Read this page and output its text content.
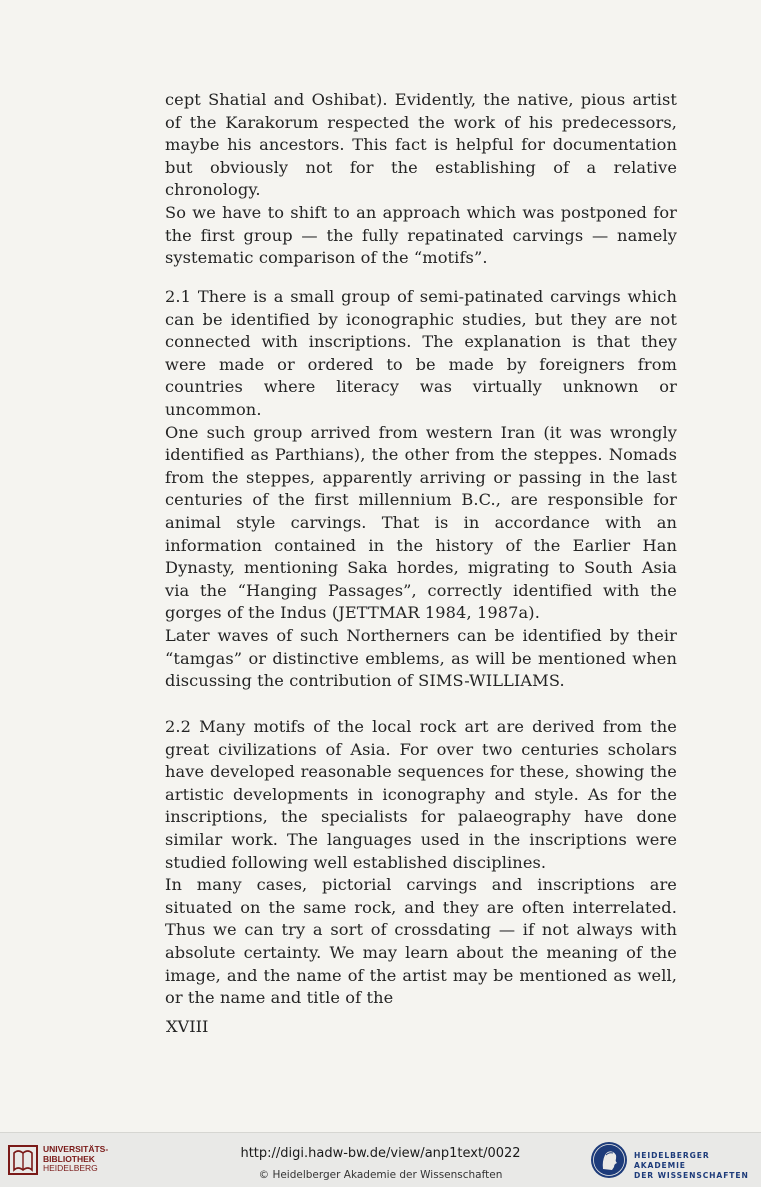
cept Shatial and Oshibat). Evidently, the native, pious artist of the Karakorum respected the work of his predecessors, maybe his ancestors. This fact is helpful for documentation but obviously not for the establishing of a relative chronology.

So we have to shift to an approach which was postponed for the first group — the fully repatinated carvings — namely systematic comparison of the “motifs”.

2.1 There is a small group of semi-patinated carvings which can be identified by iconographic studies, but they are not connected with inscriptions. The explanation is that they were made or ordered to be made by foreigners from countries where literacy was virtually unknown or uncommon.

One such group arrived from western Iran (it was wrongly identified as Parthians), the other from the steppes. Nomads from the steppes, apparently arriving or passing in the last centuries of the first millennium B.C., are responsible for animal style carvings. That is in accordance with an information contained in the history of the Earlier Han Dynasty, mentioning Saka hordes, migrating to South Asia via the “Hanging Passages”, correctly identified with the gorges of the Indus (JETTMAR 1984, 1987a).

Later waves of such Northerners can be identified by their “tamgas” or distinctive emblems, as will be mentioned when discussing the contribution of SIMS-WILLIAMS.

2.2 Many motifs of the local rock art are derived from the great civilizations of Asia. For over two centuries scholars have developed reasonable sequences for these, showing the artistic developments in iconography and style. As for the inscriptions, the specialists for palaeography have done similar work. The languages used in the inscriptions were studied following well established disciplines.

In many cases, pictorial carvings and inscriptions are situated on the same rock, and they are often interrelated. Thus we can try a sort of crossdating — if not always with absolute certainty. We may learn about the meaning of the image, and the name of the artist may be mentioned as well, or the name and title of the

XVIII
UNIVERSITÄTS-
BIBLIOTHEK
HEIDELBERG
http://digi.hadw-bw.de/view/anp1text/0022
© Heidelberger Akademie der Wissenschaften
HEIDELBERGER AKADEMIE
DER WISSENSCHAFTEN
